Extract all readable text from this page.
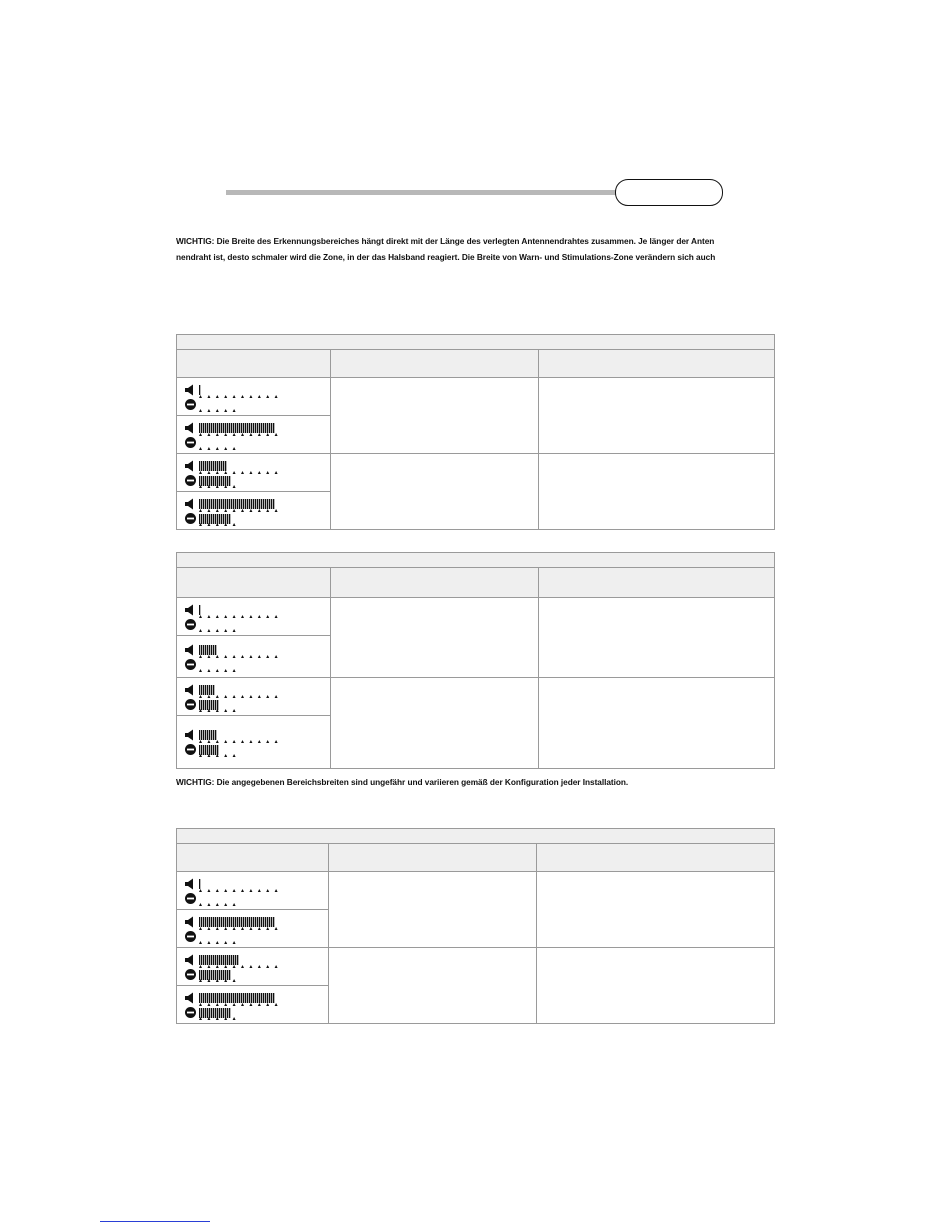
WICHTIG: Die Breite des Erkennungsbereiches hängt direkt mit der Länge des verlegten Antennendrahtes zusammen. Je länger der Anten
nendraht ist, desto schmaler wird die Zone, in der das Halsband reagiert. Die Breite von Warn- und Stimulations-Zone verändern sich auch

WICHTIG: Die angegebenen Bereichsbreiten sind ungefähr und variieren gemäß der Konfiguration jeder Installation.
